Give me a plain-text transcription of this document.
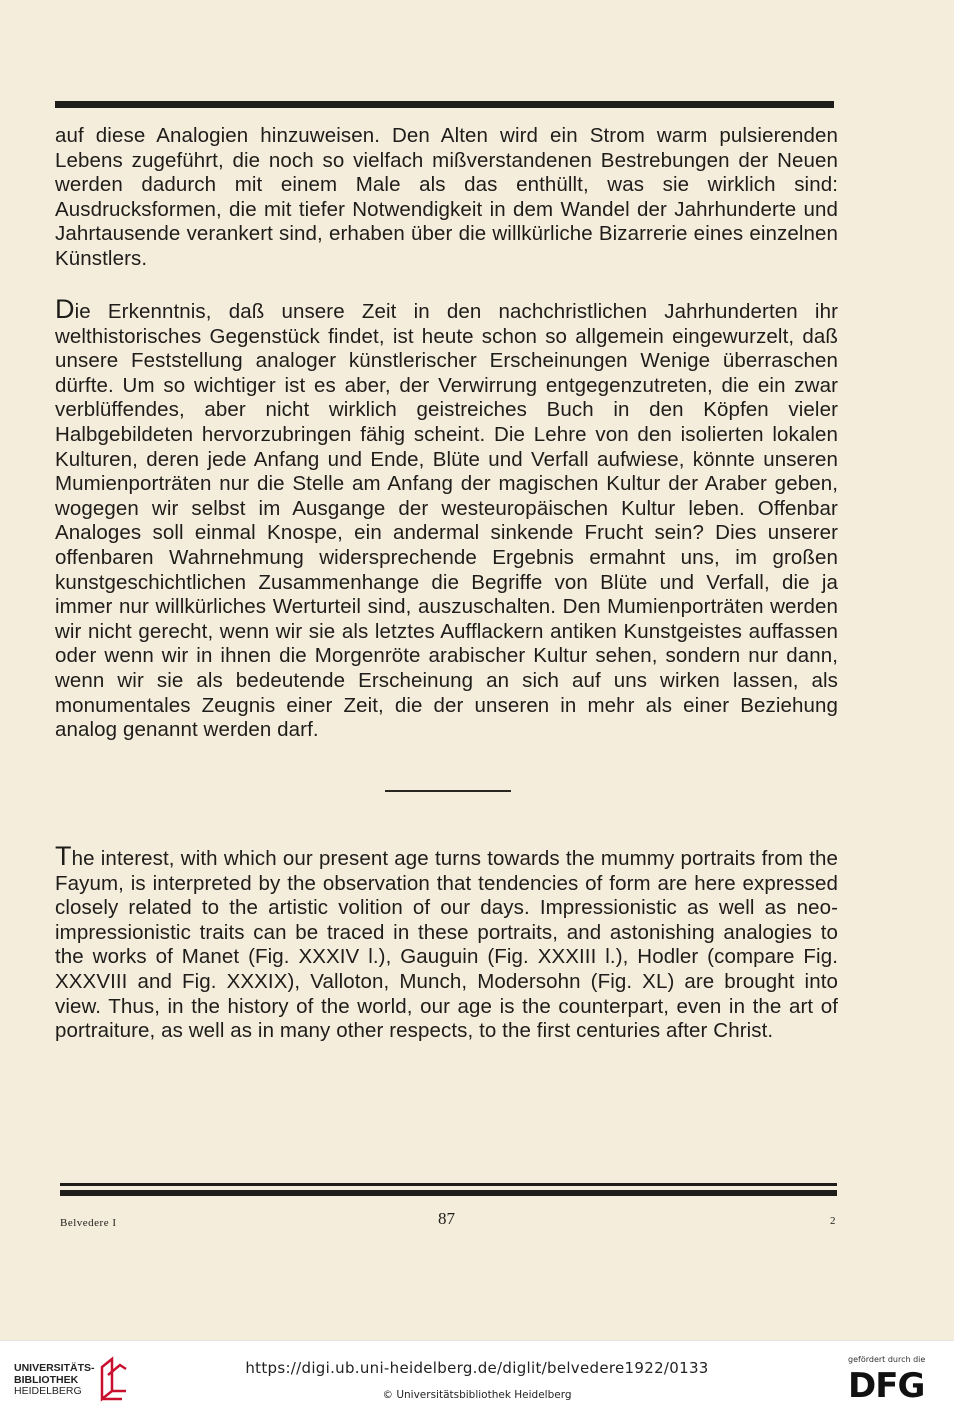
auf diese Analogien hinzuweisen. Den Alten wird ein Strom warm pulsierenden Lebens zugeführt, die noch so vielfach mißverstandenen Bestrebungen der Neuen werden dadurch mit einem Male als das enthüllt, was sie wirklich sind: Ausdrucksformen, die mit tiefer Notwendigkeit in dem Wandel der Jahrhunderte und Jahrtausende verankert sind, erhaben über die willkürliche Bizarrerie eines einzelnen Künstlers.

Die Erkenntnis, daß unsere Zeit in den nachchristlichen Jahrhunderten ihr welthistorisches Gegenstück findet, ist heute schon so allgemein eingewurzelt, daß unsere Feststellung analoger künstlerischer Erscheinungen Wenige überraschen dürfte. Um so wichtiger ist es aber, der Verwirrung entgegenzutreten, die ein zwar verblüffendes, aber nicht wirklich geistreiches Buch in den Köpfen vieler Halbgebildeten hervorzubringen fähig scheint. Die Lehre von den isolierten lokalen Kulturen, deren jede Anfang und Ende, Blüte und Verfall aufwiese, könnte unseren Mumienporträten nur die Stelle am Anfang der magischen Kultur der Araber geben, wogegen wir selbst im Ausgange der westeuropäischen Kultur leben. Offenbar Analoges soll einmal Knospe, ein andermal sinkende Frucht sein? Dies unserer offenbaren Wahrnehmung widersprechende Ergebnis ermahnt uns, im großen kunstgeschichtlichen Zusammenhange die Begriffe von Blüte und Verfall, die ja immer nur willkürliches Werturteil sind, auszuschalten. Den Mumienporträten werden wir nicht gerecht, wenn wir sie als letztes Aufflackern antiken Kunstgeistes auffassen oder wenn wir in ihnen die Morgenröte arabischer Kultur sehen, sondern nur dann, wenn wir sie als bedeutende Erscheinung an sich auf uns wirken lassen, als monumentales Zeugnis einer Zeit, die der unseren in mehr als einer Beziehung analog genannt werden darf.

The interest, with which our present age turns towards the mummy portraits from the Fayum, is interpreted by the observation that tendencies of form are here expressed closely related to the artistic volition of our days. Impressionistic as well as neo-impressionistic traits can be traced in these portraits, and astonishing analogies to the works of Manet (Fig. XXXIV l.), Gauguin (Fig. XXXIII l.), Hodler (compare Fig. XXXVIII and Fig. XXXIX), Valloton, Munch, Modersohn (Fig. XL) are brought into view. Thus, in the history of the world, our age is the counterpart, even in the art of portraiture, as well as in many other respects, to the first centuries after Christ.

Belvedere I	87	2
UNIVERSITÄTS-
BIBLIOTHEK
HEIDELBERG
https://digi.ub.uni-heidelberg.de/diglit/belvedere1922/0133
© Universitätsbibliothek Heidelberg
gefördert durch die
DFG
